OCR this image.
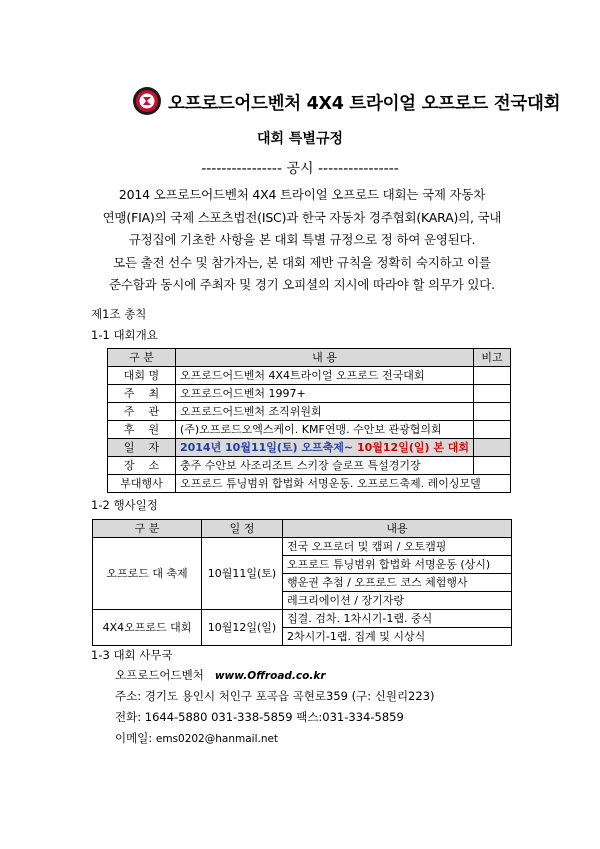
오프로드어드벤처 4X4 트라이얼 오프로드 전국대회
대회 특별규정
---------------- 공시 ----------------
2014 오프로드어드벤처 4X4 트라이얼 오프로드 대회는 국제 자동차
연맹(FIA)의 국제 스포츠법전(ISC)과 한국 자동차 경주협회(KARA)의, 국내
규정집에 기초한 사항을 본 대회 특별 규정으로 정 하여 운영된다.
모든 출전 선수 및 참가자는, 본 대회 제반 규칙을 정확히 숙지하고 이를
준수함과 동시에 주최자 및 경기 오피셜의 지시에 따라야 할 의무가 있다.
제1조 총칙
1-1 대회개요
구 분	내 용	비고
대회 명	오프로드어드벤처 4X4트라이얼 오프로드 전국대회	
주    최	오프로드어드벤처 1997+	
주    관	오프로드어드벤처 조직위원회	
후    원	(주)오프로드오엑스케이. KMF연맹. 수안보 관광협의회	
일    자	2014년 10월11일(토) 오프축제~ 10월12일(일) 본 대회	
장    소	충주 수안보 사조리조트 스키장 슬로프 특설경기장	
부대행사	오프로드 튜닝범위 합법화 서명운동. 오프로드축제. 레이싱모델	
1-2 행사일정
구 분	일 정	내용
오프로드 대 축제	10월11일(토)	전국 오프로더 및 캠퍼 / 오토캠핑
		오프로드 튜닝범위 합법화 서명운동 (상시)
		행운권 추첨 / 오프로드 코스 체험행사
		레크리에이션 / 장기자랑
4X4오프로드 대회	10월12일(일)	집결. 검차. 1차시기-1랩. 중식
		2차시기-1랩. 집계 및 시상식
1-3 대회 사무국
오프로드어드벤처 www.Offroad.co.kr
주소: 경기도 용인시 처인구 포곡읍 곡현로359 (구: 신원리223)
전화: 1644-5880 031-338-5859 팩스:031-334-5859
이메일: ems0202@hanmail.net
